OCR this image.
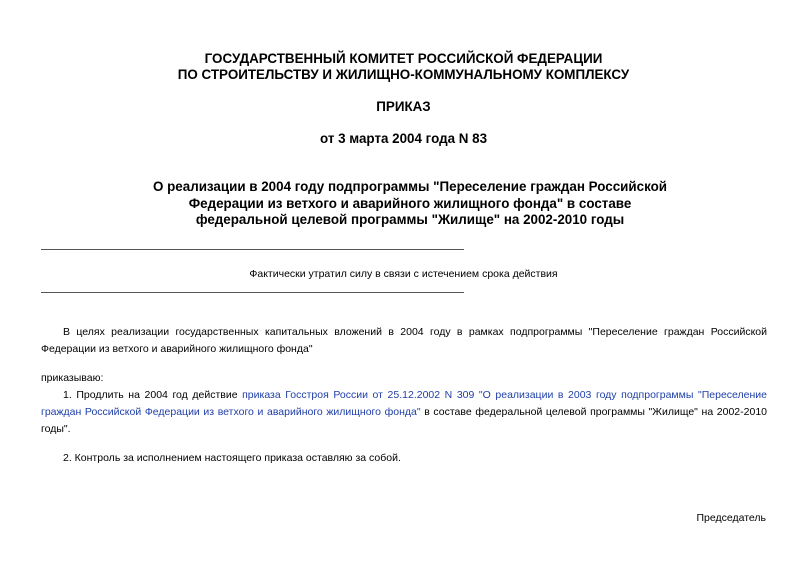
ГОСУДАРСТВЕННЫЙ КОМИТЕТ РОССИЙСКОЙ ФЕДЕРАЦИИ
ПО СТРОИТЕЛЬСТВУ И ЖИЛИЩНО-КОММУНАЛЬНОМУ КОМПЛЕКСУ
ПРИКАЗ
от 3 марта 2004 года N 83
О реализации в 2004 году подпрограммы "Переселение граждан Российской
Федерации из ветхого и аварийного жилищного фонда" в составе
федеральной целевой программы "Жилище" на 2002-2010 годы
Фактически утратил силу в связи с истечением срока действия

В целях реализации государственных капитальных вложений в 2004 году в рамках подпрограммы "Переселение граждан Российской Федерации из ветхого и аварийного жилищного фонда"

приказываю:

1. Продлить на 2004 год действие приказа Госстроя России от 25.12.2002 N 309 "О реализации в 2003 году подпрограммы "Переселение граждан Российской Федерации из ветхого и аварийного жилищного фонда" в составе федеральной целевой программы "Жилище" на 2002-2010 годы".

2. Контроль за исполнением настоящего приказа оставляю за собой.

Председатель
